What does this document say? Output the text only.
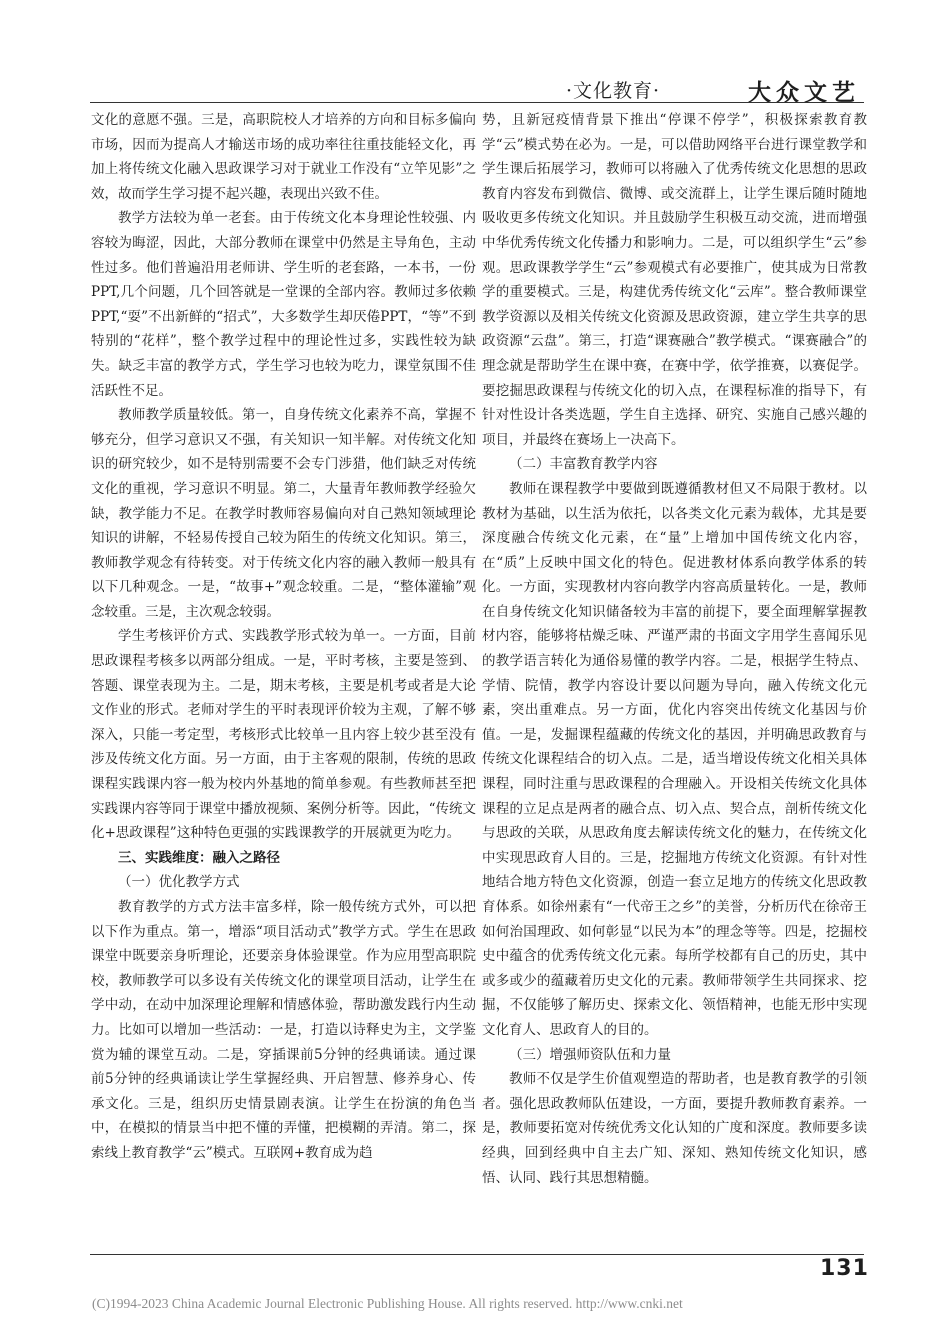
·文化教育·	大众文艺

文化的意愿不强。三是，高职院校人才培养的方向和目标多偏向市场，因而为提高人才输送市场的成功率往往重技能轻文化，再加上将传统文化融入思政课学习对于就业工作没有“立竿见影”之效，故而学生学习提不起兴趣，表现出兴致不佳。

教学方法较为单一老套。由于传统文化本身理论性较强、内容较为晦涩，因此，大部分教师在课堂中仍然是主导角色，主动性过多。他们普遍沿用老师讲、学生听的老套路，一本书，一份PPT,几个问题，几个回答就是一堂课的全部内容。教师过多依赖PPT,“耍”不出新鲜的“招式”，大多数学生却厌倦PPT，“等”不到特别的“花样”，整个教学过程中的理论性过多，实践性较为缺失。缺乏丰富的教学方式，学生学习也较为吃力，课堂氛围不佳活跃性不足。

教师教学质量较低。第一，自身传统文化素养不高，掌握不够充分，但学习意识又不强，有关知识一知半解。对传统文化知识的研究较少，如不是特别需要不会专门涉猎，他们缺乏对传统文化的重视，学习意识不明显。第二，大量青年教师教学经验欠缺，教学能力不足。在教学时教师容易偏向对自己熟知领域理论知识的讲解，不轻易传授自己较为陌生的传统文化知识。第三，教师教学观念有待转变。对于传统文化内容的融入教师一般具有以下几种观念。一是，“故事+”观念较重。二是，“整体灌输”观念较重。三是，主次观念较弱。

学生考核评价方式、实践教学形式较为单一。一方面，目前思政课程考核多以两部分组成。一是，平时考核，主要是签到、答题、课堂表现为主。二是，期末考核，主要是机考或者是大论文作业的形式。老师对学生的平时表现评价较为主观，了解不够深入，只能一考定型，考核形式比较单一且内容上较少甚至没有涉及传统文化方面。另一方面，由于主客观的限制，传统的思政课程实践课内容一般为校内外基地的简单参观。有些教师甚至把实践课内容等同于课堂中播放视频、案例分析等。因此，“传统文化+思政课程”这种特色更强的实践课教学的开展就更为吃力。

三、实践维度：融入之路径
（一）优化教学方式

教育教学的方式方法丰富多样，除一般传统方式外，可以把以下作为重点。第一，增添“项目活动式”教学方式。学生在思政课堂中既要亲身听理论，还要亲身体验课堂。作为应用型高职院校，教师教学可以多设有关传统文化的课堂项目活动，让学生在学中动，在动中加深理论理解和情感体验，帮助激发践行内生动力。比如可以增加一些活动：一是，打造以诗释史为主，文学鉴赏为辅的课堂互动。二是，穿插课前5分钟的经典诵读。通过课前5分钟的经典诵读让学生掌握经典、开启智慧、修养身心、传承文化。三是，组织历史情景剧表演。让学生在扮演的角色当中，在模拟的情景当中把不懂的弄懂，把模糊的弄清。第二，探索线上教育教学“云”模式。互联网+教育成为趋

势，且新冠疫情背景下推出“停课不停学”，积极探索教育教学“云”模式势在必为。一是，可以借助网络平台进行课堂教学和学生课后拓展学习，教师可以将融入了优秀传统文化思想的思政教育内容发布到微信、微博、或交流群上，让学生课后随时随地吸收更多传统文化知识。并且鼓励学生积极互动交流，进而增强中华优秀传统文化传播力和影响力。二是，可以组织学生“云”参观。思政课教学学生“云”参观模式有必要推广，使其成为日常教学的重要模式。三是，构建优秀传统文化“云库”。整合教师课堂教学资源以及相关传统文化资源及思政资源，建立学生共享的思政资源“云盘”。第三，打造“课赛融合”教学模式。“课赛融合”的理念就是帮助学生在课中赛，在赛中学，依学推赛，以赛促学。要挖掘思政课程与传统文化的切入点，在课程标准的指导下，有针对性设计各类选题，学生自主选择、研究、实施自己感兴趣的项目，并最终在赛场上一决高下。

（二）丰富教育教学内容

教师在课程教学中要做到既遵循教材但又不局限于教材。以教材为基础，以生活为依托，以各类文化元素为载体，尤其是要深度融合传统文化元素，在“量”上增加中国传统文化内容，在“质”上反映中国文化的特色。促进教材体系向教学体系的转化。一方面，实现教材内容向教学内容高质量转化。一是，教师在自身传统文化知识储备较为丰富的前提下，要全面理解掌握教材内容，能够将枯燥乏味、严谨严肃的书面文字用学生喜闻乐见的教学语言转化为通俗易懂的教学内容。二是，根据学生特点、学情、院情，教学内容设计要以问题为导向，融入传统文化元素，突出重难点。另一方面，优化内容突出传统文化基因与价值。一是，发掘课程蕴藏的传统文化的基因，并明确思政教育与传统文化课程结合的切入点。二是，适当增设传统文化相关具体课程，同时注重与思政课程的合理融入。开设相关传统文化具体课程的立足点是两者的融合点、切入点、契合点，剖析传统文化与思政的关联，从思政角度去解读传统文化的魅力，在传统文化中实现思政育人目的。三是，挖掘地方传统文化资源。有针对性地结合地方特色文化资源，创造一套立足地方的传统文化思政教育体系。如徐州素有“一代帝王之乡”的美誉，分析历代在徐帝王如何治国理政、如何彰显“以民为本”的理念等等。四是，挖掘校史中蕴含的优秀传统文化元素。每所学校都有自己的历史，其中或多或少的蕴藏着历史文化的元素。教师带领学生共同探求、挖掘，不仅能够了解历史、探索文化、领悟精神，也能无形中实现文化育人、思政育人的目的。

（三）增强师资队伍和力量

教师不仅是学生价值观塑造的帮助者，也是教育教学的引领者。强化思政教师队伍建设，一方面，要提升教师教育素养。一是，教师要拓宽对传统优秀文化认知的广度和深度。教师要多读经典，回到经典中自主去广知、深知、熟知传统文化知识，感悟、认同、践行其思想精髓。

131
(C)1994-2023 China Academic Journal Electronic Publishing House. All rights reserved. http://www.cnki.net
